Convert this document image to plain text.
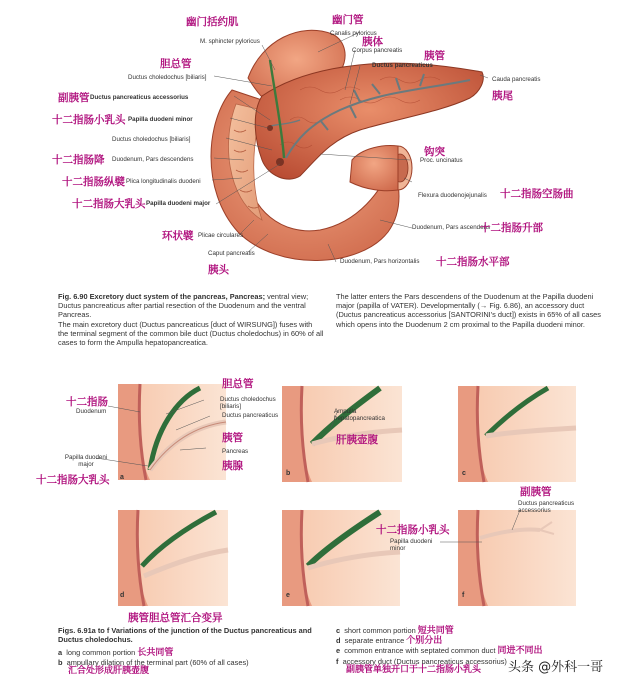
幽门括约肌
M. sphincter pyloricus
幽门管
Canalis pyloricus
胰体
Corpus pancreatis 胰管
Ductus pancreaticus
Cauda pancreatis
胰尾
胆总管
Ductus choledochus [biliaris]
副胰管 Ductus pancreaticus accessorius
十二指肠小乳头 Papilla duodeni minor
Ductus choledochus [biliaris]
十二指肠降 Duodenum, Pars descendens
钩突
Proc. uncinatus
十二指肠纵襞 Plica longitudinalis duodeni
Flexura duodenojejunalis 十二指肠空肠曲
十二指肠大乳头 Papilla duodeni major
Duodenum, Pars ascendens
十二指肠升部
环状襞 Plicae circulares
Caput pancreatis
Duodenum, Pars horizontalis 十二指肠水平部
胰头
Fig. 6.90 Excretory duct system of the pancreas, Pancreas; ventral view; Ductus pancreaticus after partial resection of the Duodenum and the ventral Pancreas.
The main excretory duct (Ductus pancreaticus [duct of WIRSUNG]) fuses with the terminal segment of the common bile duct (Ductus choledochus) in 60% of all cases to form the Ampulla hepatopancreatica.
The latter enters the Pars descendens of the Duodenum at the Papilla duodeni major (papilla of VATER). Developmentally (→ Fig. 6.86), an accessory duct (Ductus pancreaticus accessorius [SANTORINI's duct]) exists in 65% of all cases which opens into the Duodenum 2 cm proximal to the Papilla duodeni minor.
胆总管
十二指肠
Duodenum
Ductus choledochus [biliaris]
Ductus pancreaticus
胰管
Pancreas
胰腺
Papilla duodeni major
十二指肠大乳头
Ampulla hepatopancreatica
肝胰壶腹
副胰管
Ductus pancreaticus accessorius
十二指肠小乳头
Papilla duodeni minor
a
b	c
d	e	f
胰管胆总管汇合变异
Figs. 6.91a to f Variations of the junction of the Ductus pancreaticus and Ductus choledochus.
a long common portion 长共同管
b ampullary dilation of the terminal part (60% of all cases)
汇合处形成肝胰壶腹
c short common portion 短共同管
d separate entrance 个别分出
e common entrance with septated common duct 同进不同出
f accessory duct (Ductus pancreaticus accessorius)
副胰管单独开口于十二指肠小乳头	头条 @外科一哥
